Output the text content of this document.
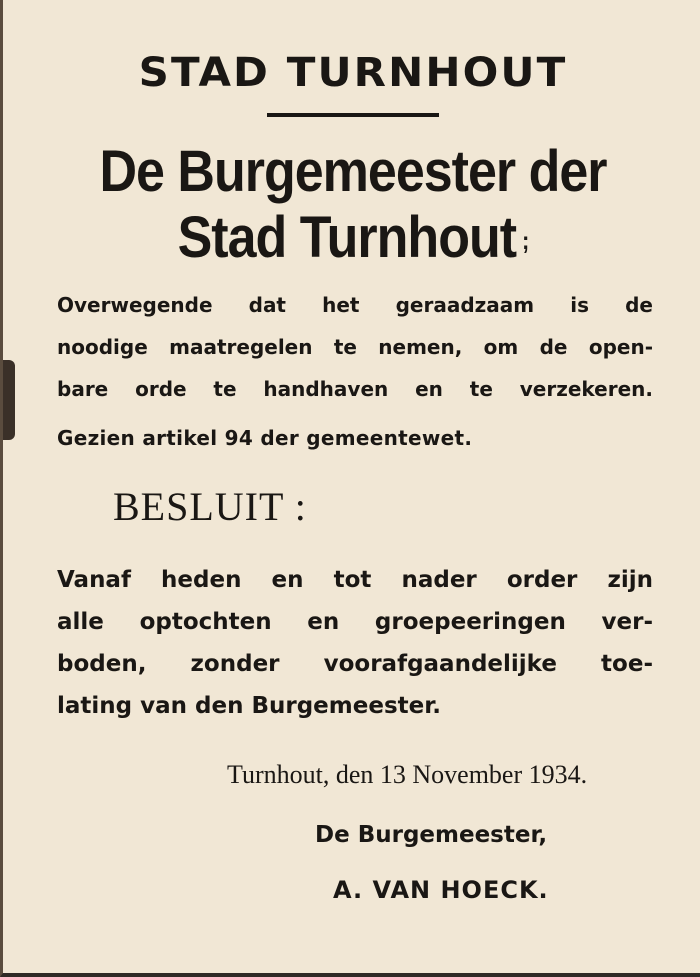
STAD TURNHOUT
De Burgemeester der
Stad Turnhout ;
Overwegende dat het geraadzaam is de
noodige maatregelen te nemen, om de open-
bare orde te handhaven en te verzekeren.
Gezien artikel 94 der gemeentewet.
BESLUIT :
Vanaf heden en tot nader order zijn
alle optochten en groepeeringen ver-
boden, zonder voorafgaandelijke toe-
lating van den Burgemeester.
Turnhout, den 13 November 1934.
De Burgemeester,
A. VAN HOECK.
